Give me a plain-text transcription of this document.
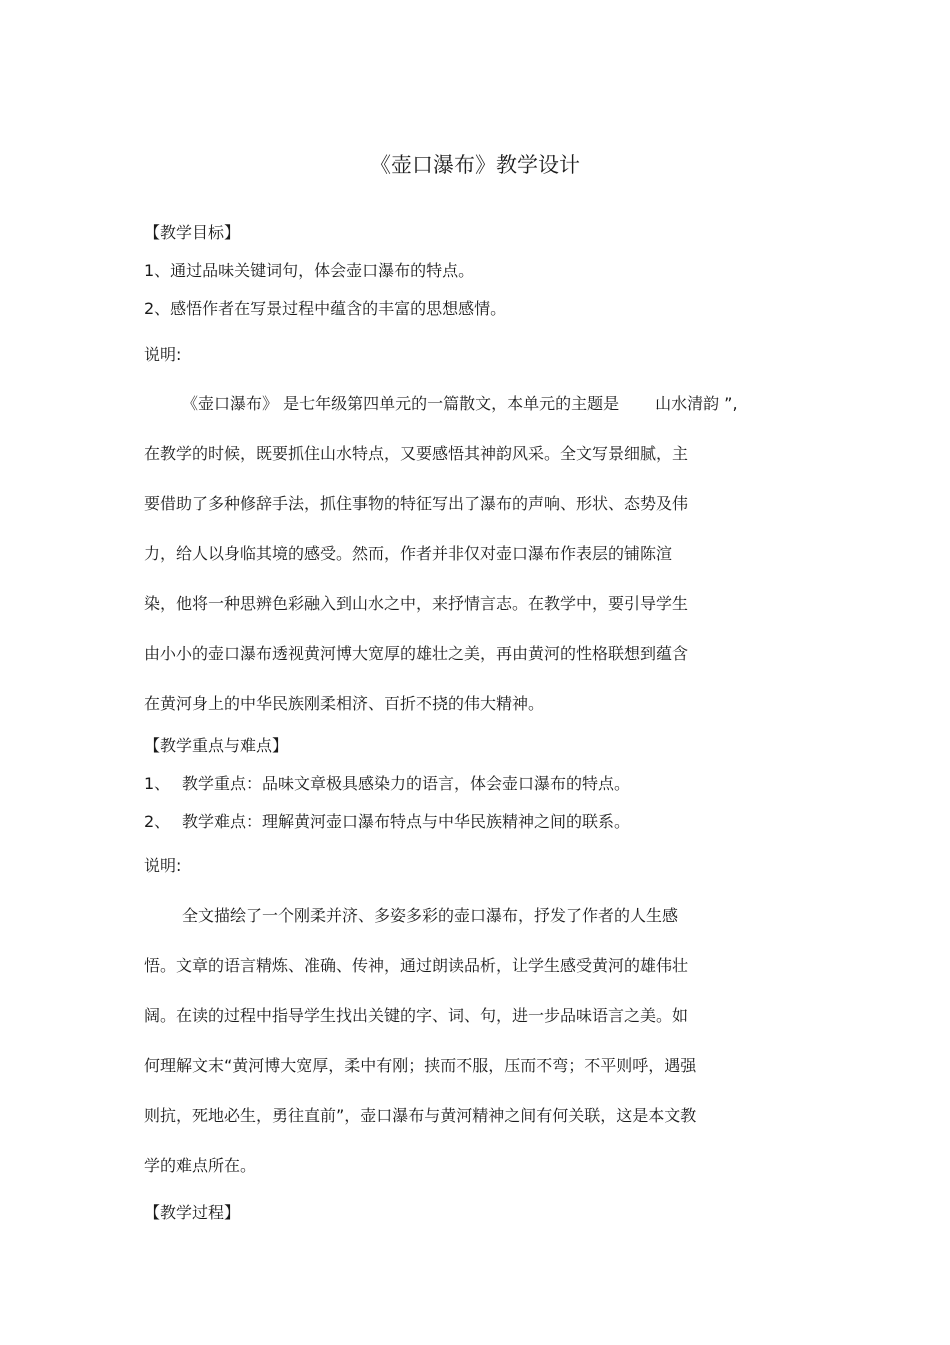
《壶口瀑布》教学设计
【教学目标】
1、通过品味关键词句，体会壶口瀑布的特点。
2、感悟作者在写景过程中蕴含的丰富的思想感情。
说明:
《壶口瀑布》 是七年级第四单元的一篇散文，本单元的主题是 山水清韵 ”,
在教学的时候，既要抓住山水特点，又要感悟其神韵风采。全文写景细腻，主
要借助了多种修辞手法，抓住事物的特征写出了瀑布的声响、形状、态势及伟
力，给人以身临其境的感受。然而，作者并非仅对壶口瀑布作表层的铺陈渲
染，他将一种思辨色彩融入到山水之中，来抒情言志。在教学中，要引导学生
由小小的壶口瀑布透视黄河博大宽厚的雄壮之美，再由黄河的性格联想到蕴含
在黄河身上的中华民族刚柔相济、百折不挠的伟大精神。
【教学重点与难点】
1、 教学重点：品味文章极具感染力的语言，体会壶口瀑布的特点。
2、 教学难点：理解黄河壶口瀑布特点与中华民族精神之间的联系。
说明:
全文描绘了一个刚柔并济、多姿多彩的壶口瀑布，抒发了作者的人生感
悟。文章的语言精炼、准确、传神，通过朗读品析，让学生感受黄河的雄伟壮
阔。在读的过程中指导学生找出关键的字、词、句，进一步品味语言之美。如
何理解文末“黄河博大宽厚，柔中有刚；挟而不服，压而不弯；不平则呼，遇强
则抗，死地必生，勇往直前”，壶口瀑布与黄河精神之间有何关联，这是本文教
学的难点所在。
【教学过程】
